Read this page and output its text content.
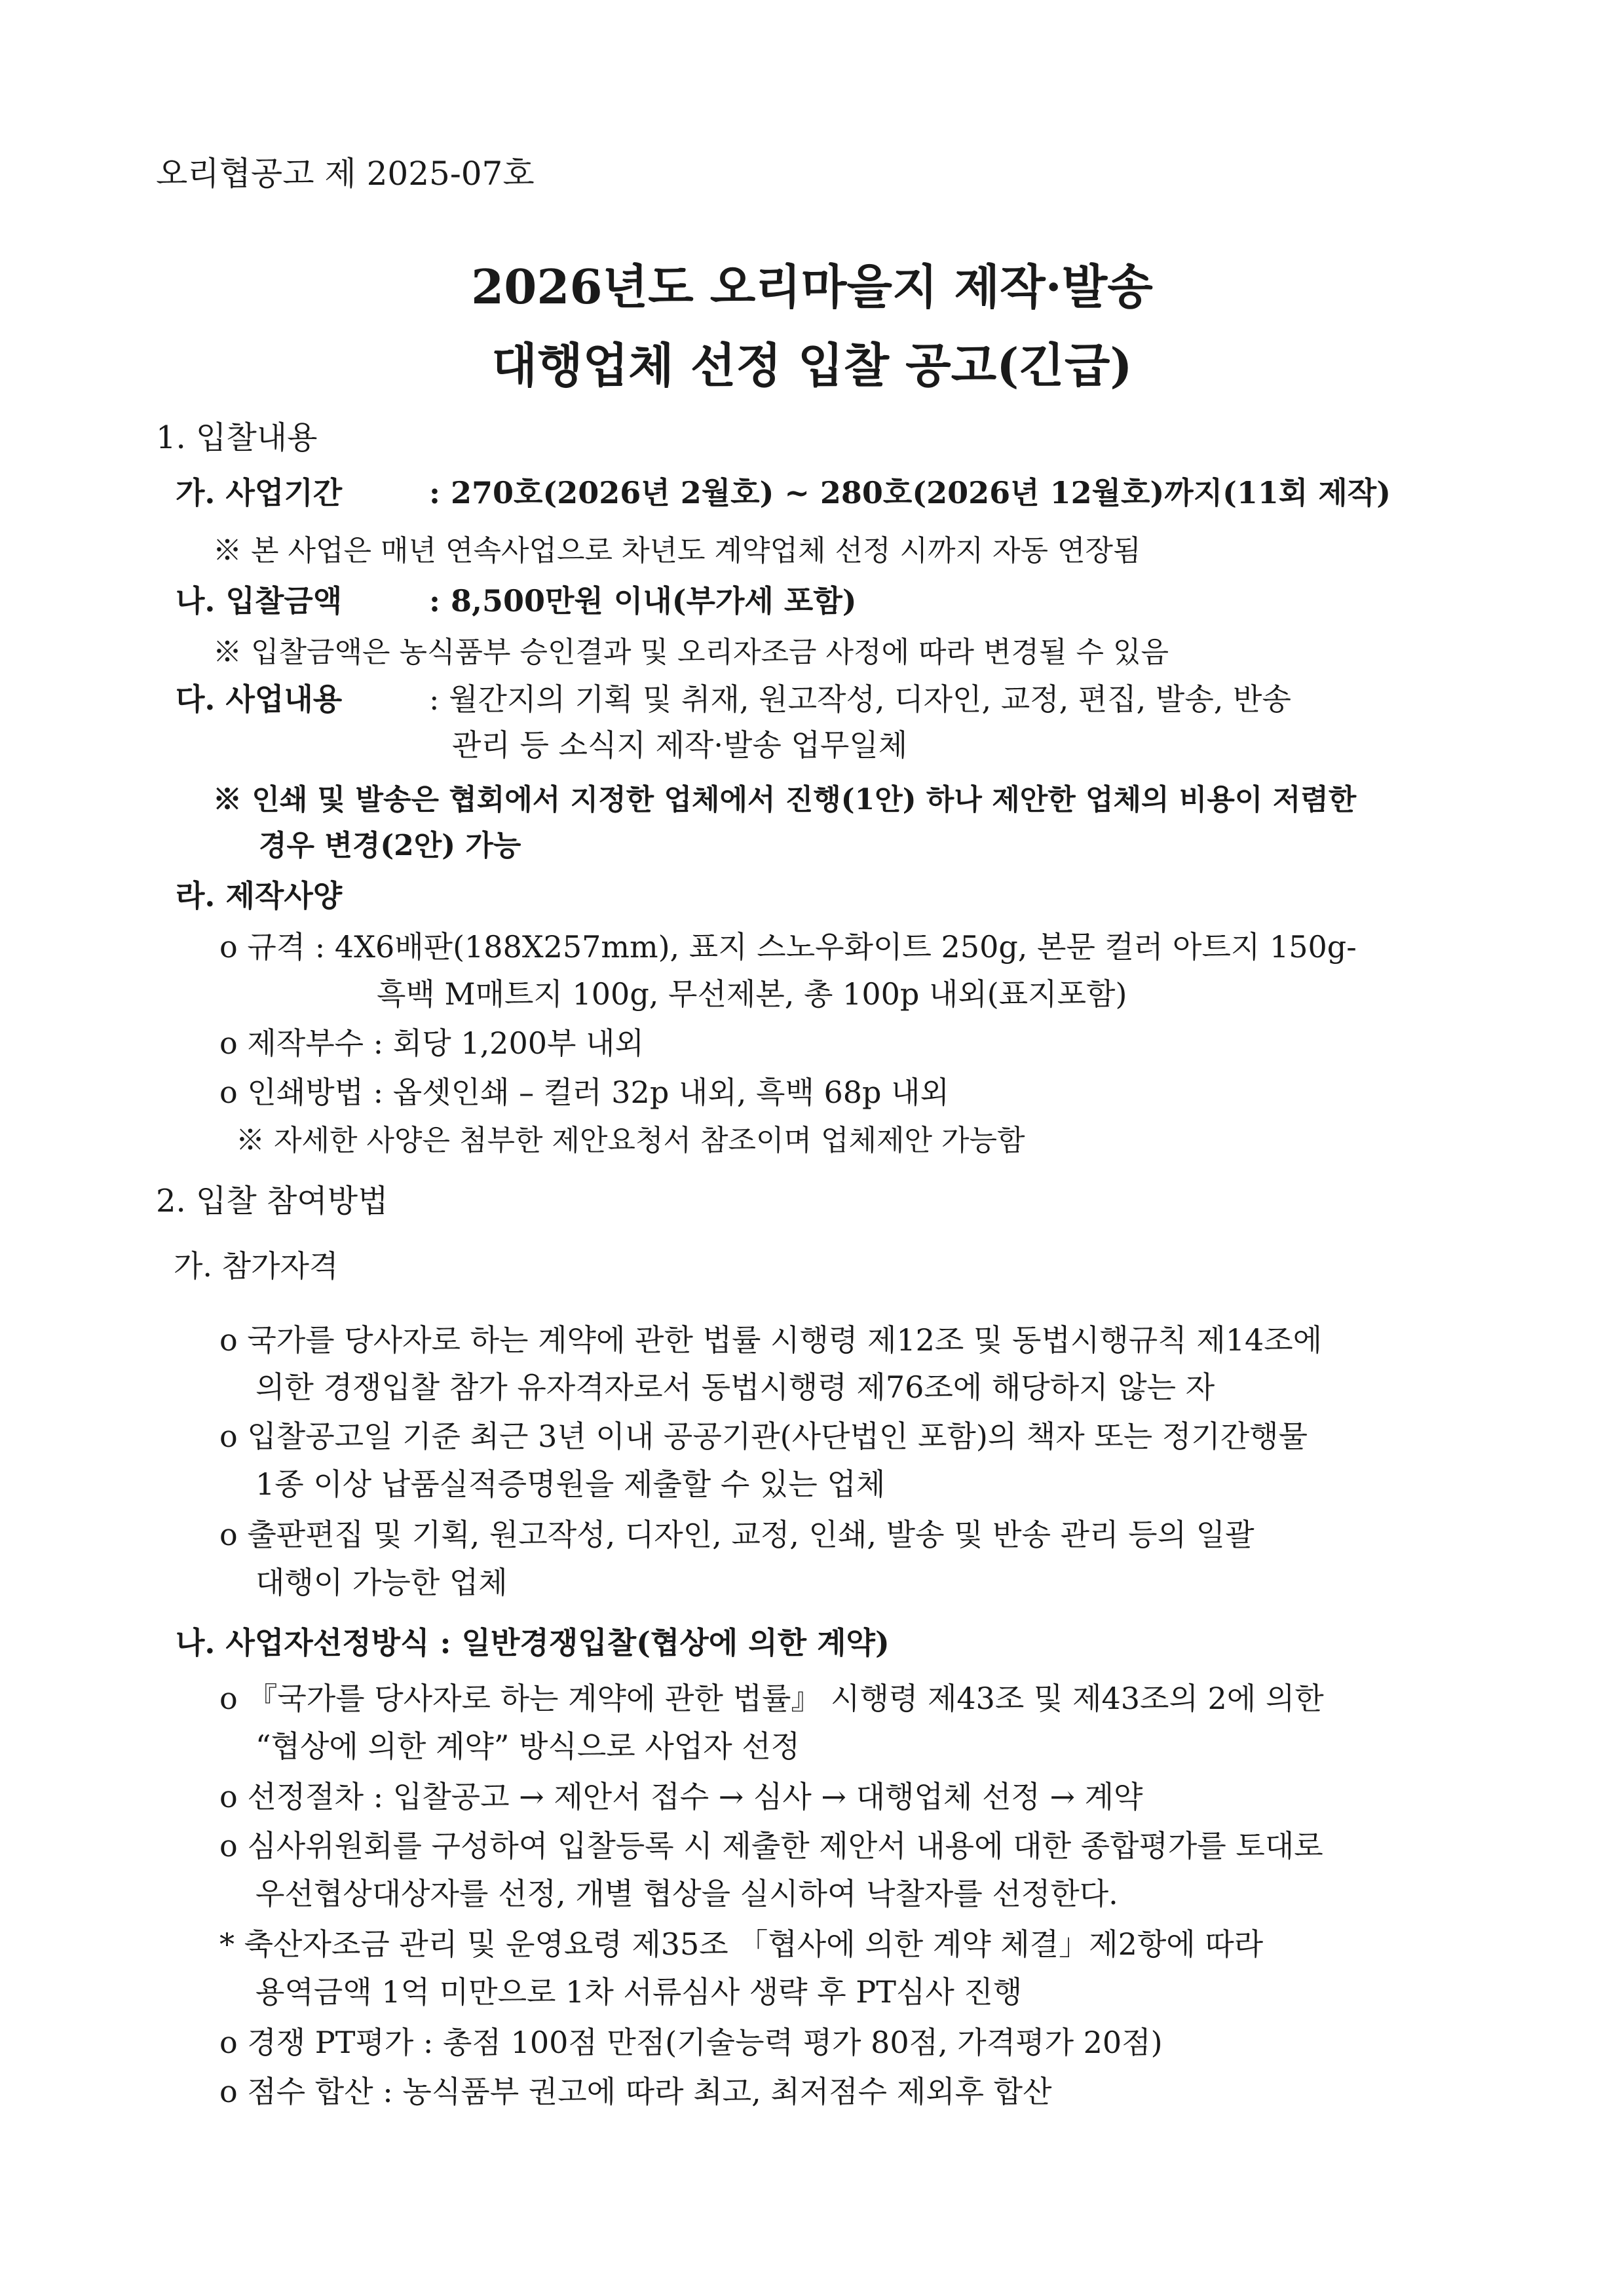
오리협공고 제 2025-07호
2026년도 오리마을지 제작·발송
대행업체 선정 입찰 공고(긴급)
1. 입찰내용
가. 사업기간	: 270호(2026년 2월호) ~ 280호(2026년 12월호)까지(11회 제작)
※ 본 사업은 매년 연속사업으로 차년도 계약업체 선정 시까지 자동 연장됨
나. 입찰금액	: 8,500만원 이내(부가세 포함)
※ 입찰금액은 농식품부 승인결과 및 오리자조금 사정에 따라 변경될 수 있음
다. 사업내용	: 월간지의 기획 및 취재, 원고작성, 디자인, 교정, 편집, 발송, 반송
관리 등 소식지 제작·발송 업무일체
※ 인쇄 및 발송은 협회에서 지정한 업체에서 진행(1안) 하나 제안한 업체의 비용이 저렴한
경우 변경(2안) 가능
라. 제작사양
o 규격 : 4X6배판(188X257mm), 표지 스노우화이트 250g, 본문 컬러 아트지 150g-
흑백 M매트지 100g, 무선제본, 총 100p 내외(표지포함)
o 제작부수 : 회당 1,200부 내외
o 인쇄방법 : 옵셋인쇄 – 컬러 32p 내외, 흑백 68p 내외
※ 자세한 사양은 첨부한 제안요청서 참조이며 업체제안 가능함
2. 입찰 참여방법
가. 참가자격
o 국가를 당사자로 하는 계약에 관한 법률 시행령 제12조 및 동법시행규칙 제14조에
의한 경쟁입찰 참가 유자격자로서 동법시행령 제76조에 해당하지 않는 자
o 입찰공고일 기준 최근 3년 이내 공공기관(사단법인 포함)의 책자 또는 정기간행물
1종 이상 납품실적증명원을 제출할 수 있는 업체
o 출판편집 및 기획, 원고작성, 디자인, 교정, 인쇄, 발송 및 반송 관리 등의 일괄
대행이 가능한 업체
나. 사업자선정방식 : 일반경쟁입찰(협상에 의한 계약)
o 『국가를 당사자로 하는 계약에 관한 법률』 시행령 제43조 및 제43조의 2에 의한
“협상에 의한 계약” 방식으로 사업자 선정
o 선정절차 : 입찰공고 → 제안서 접수 → 심사 → 대행업체 선정 → 계약
o 심사위원회를 구성하여 입찰등록 시 제출한 제안서 내용에 대한 종합평가를 토대로
우선협상대상자를 선정, 개별 협상을 실시하여 낙찰자를 선정한다.
* 축산자조금 관리 및 운영요령 제35조 「협사에 의한 계약 체결」제2항에 따라
용역금액 1억 미만으로 1차 서류심사 생략 후 PT심사 진행
o 경쟁 PT평가 : 총점 100점 만점(기술능력 평가 80점, 가격평가 20점)
o 점수 합산 : 농식품부 권고에 따라 최고, 최저점수 제외후 합산
